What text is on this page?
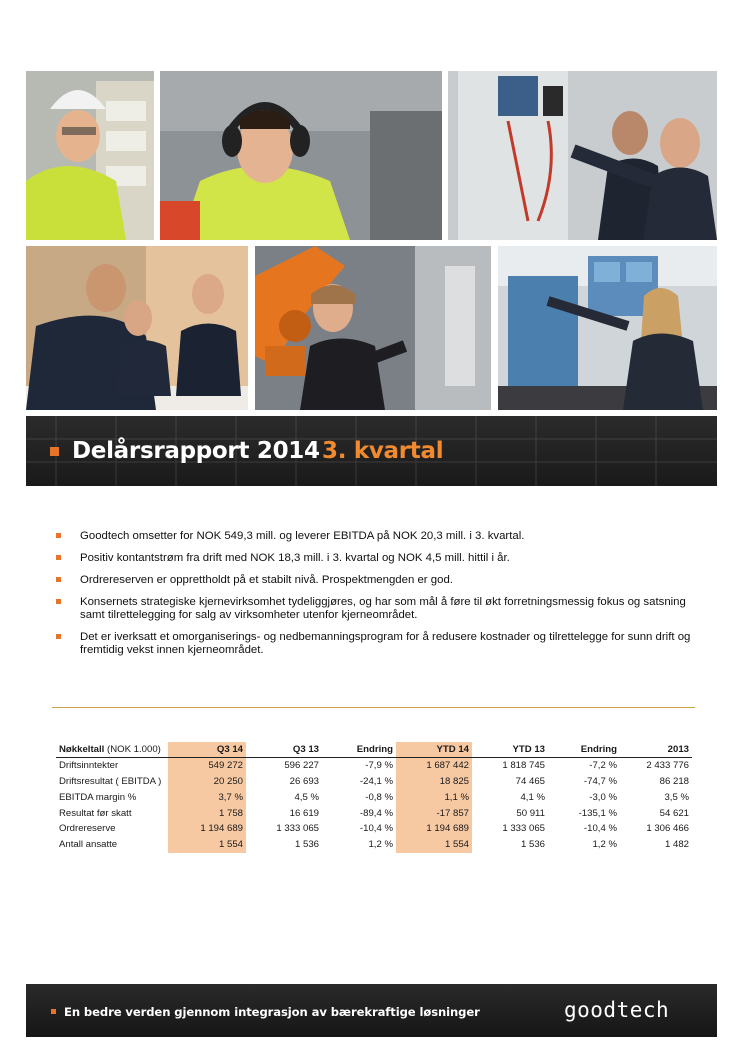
Delårsrapport 2014 3. kvartal
Goodtech omsetter for NOK 549,3 mill. og leverer EBITDA på NOK 20,3 mill. i 3. kvartal.
Positiv kontantstrøm fra drift med NOK 18,3 mill. i 3. kvartal og NOK 4,5 mill. hittil i år.
Ordrereserven er opprettholdt på et stabilt nivå. Prospektmengden er god.
Konsernets strategiske kjernevirksomhet tydeliggjøres, og har som mål å føre til økt forretningsmessig fokus og satsning samt tilrettelegging for salg av virksomheter utenfor kjerneområdet.
Det er iverksatt et omorganiserings- og nedbemanningsprogram for å redusere kostnader og tilrettelegge for sunn drift og fremtidig vekst innen kjerneområdet.
Nøkkeltall (NOK 1.000)	Q3 14	Q3 13	Endring	YTD 14	YTD 13	Endring	2013
Driftsinntekter	549 272	596 227	-7,9 %	1 687 442	1 818 745	-7,2 %	2 433 776
Driftsresultat ( EBITDA )	20 250	26 693	-24,1 %	18 825	74 465	-74,7 %	86 218
EBITDA margin %	3,7 %	4,5 %	-0,8 %	1,1 %	4,1 %	-3,0 %	3,5 %
Resultat før skatt	1 758	16 619	-89,4 %	-17 857	50 911	-135,1 %	54 621
Ordrereserve	1 194 689	1 333 065	-10,4 %	1 194 689	1 333 065	-10,4 %	1 306 466
Antall ansatte	1 554	1 536	1,2 %	1 554	1 536	1,2 %	1 482
En bedre verden gjennom integrasjon av bærekraftige løsninger	goodtech
